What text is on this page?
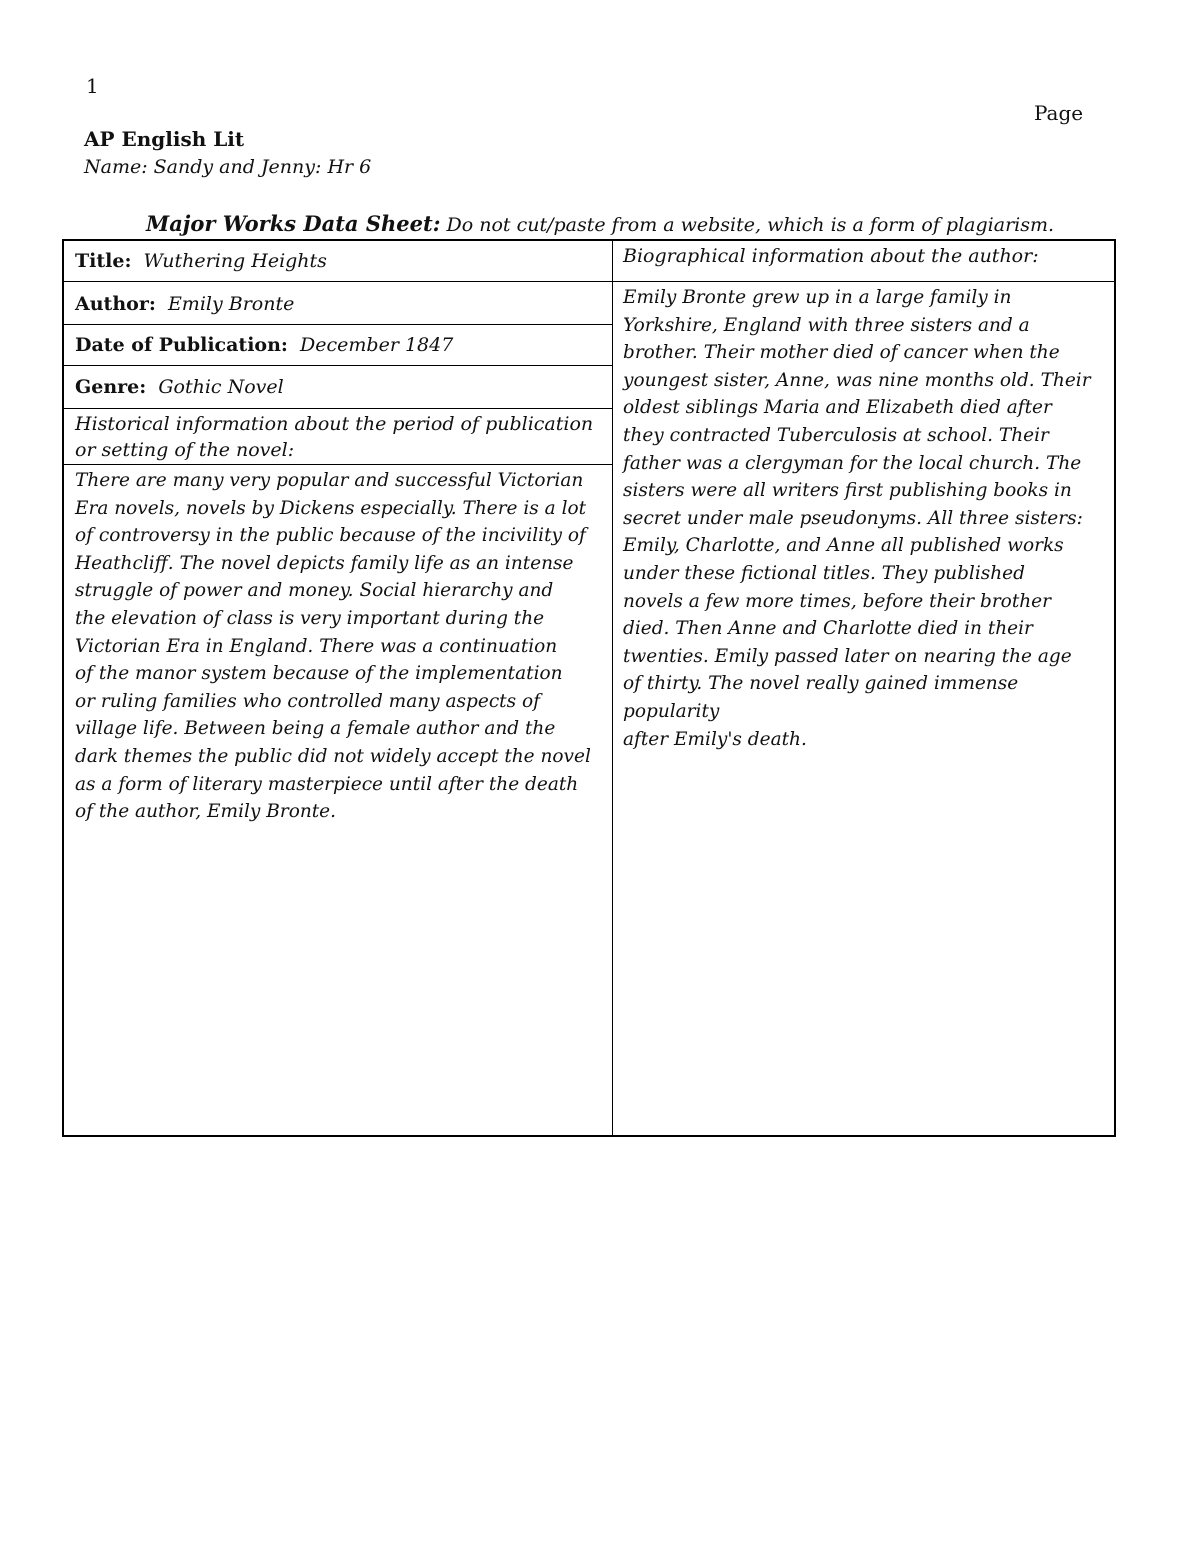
1
Page
AP English Lit
Name: Sandy and Jenny: Hr 6
Major Works Data Sheet: Do not cut/paste from a website, which is a form of plagiarism.
Title: Wuthering Heights
Author: Emily Bronte
Date of Publication: December 1847
Genre: Gothic Novel
Historical information about the period of publication or setting of the novel:
There are many very popular and successful Victorian
Era novels, novels by Dickens especially. There is a lot
of controversy in the public because of the incivility of
Heathcliff. The novel depicts family life as an intense
struggle of power and money. Social hierarchy and
the elevation of class is very important during the
Victorian Era in England. There was a continuation
of the manor system because of the implementation
or ruling families who controlled many aspects of
village life. Between being a female author and the
dark themes the public did not widely accept the novel
as a form of literary masterpiece until after the death
of the author, Emily Bronte.
Biographical information about the author:
Emily Bronte grew up in a large family in
Yorkshire, England with three sisters and a
brother. Their mother died of cancer when the
youngest sister, Anne, was nine months old. Their
oldest siblings Maria and Elizabeth died after
they contracted Tuberculosis at school. Their
father was a clergyman for the local church. The
sisters were all writers first publishing books in
secret under male pseudonyms. All three sisters:
Emily, Charlotte, and Anne all published works
under these fictional titles. They published
novels a few more times, before their brother
died. Then Anne and Charlotte died in their
twenties. Emily passed later on nearing the age
of thirty. The novel really gained immense
popularity
after Emily's death.
